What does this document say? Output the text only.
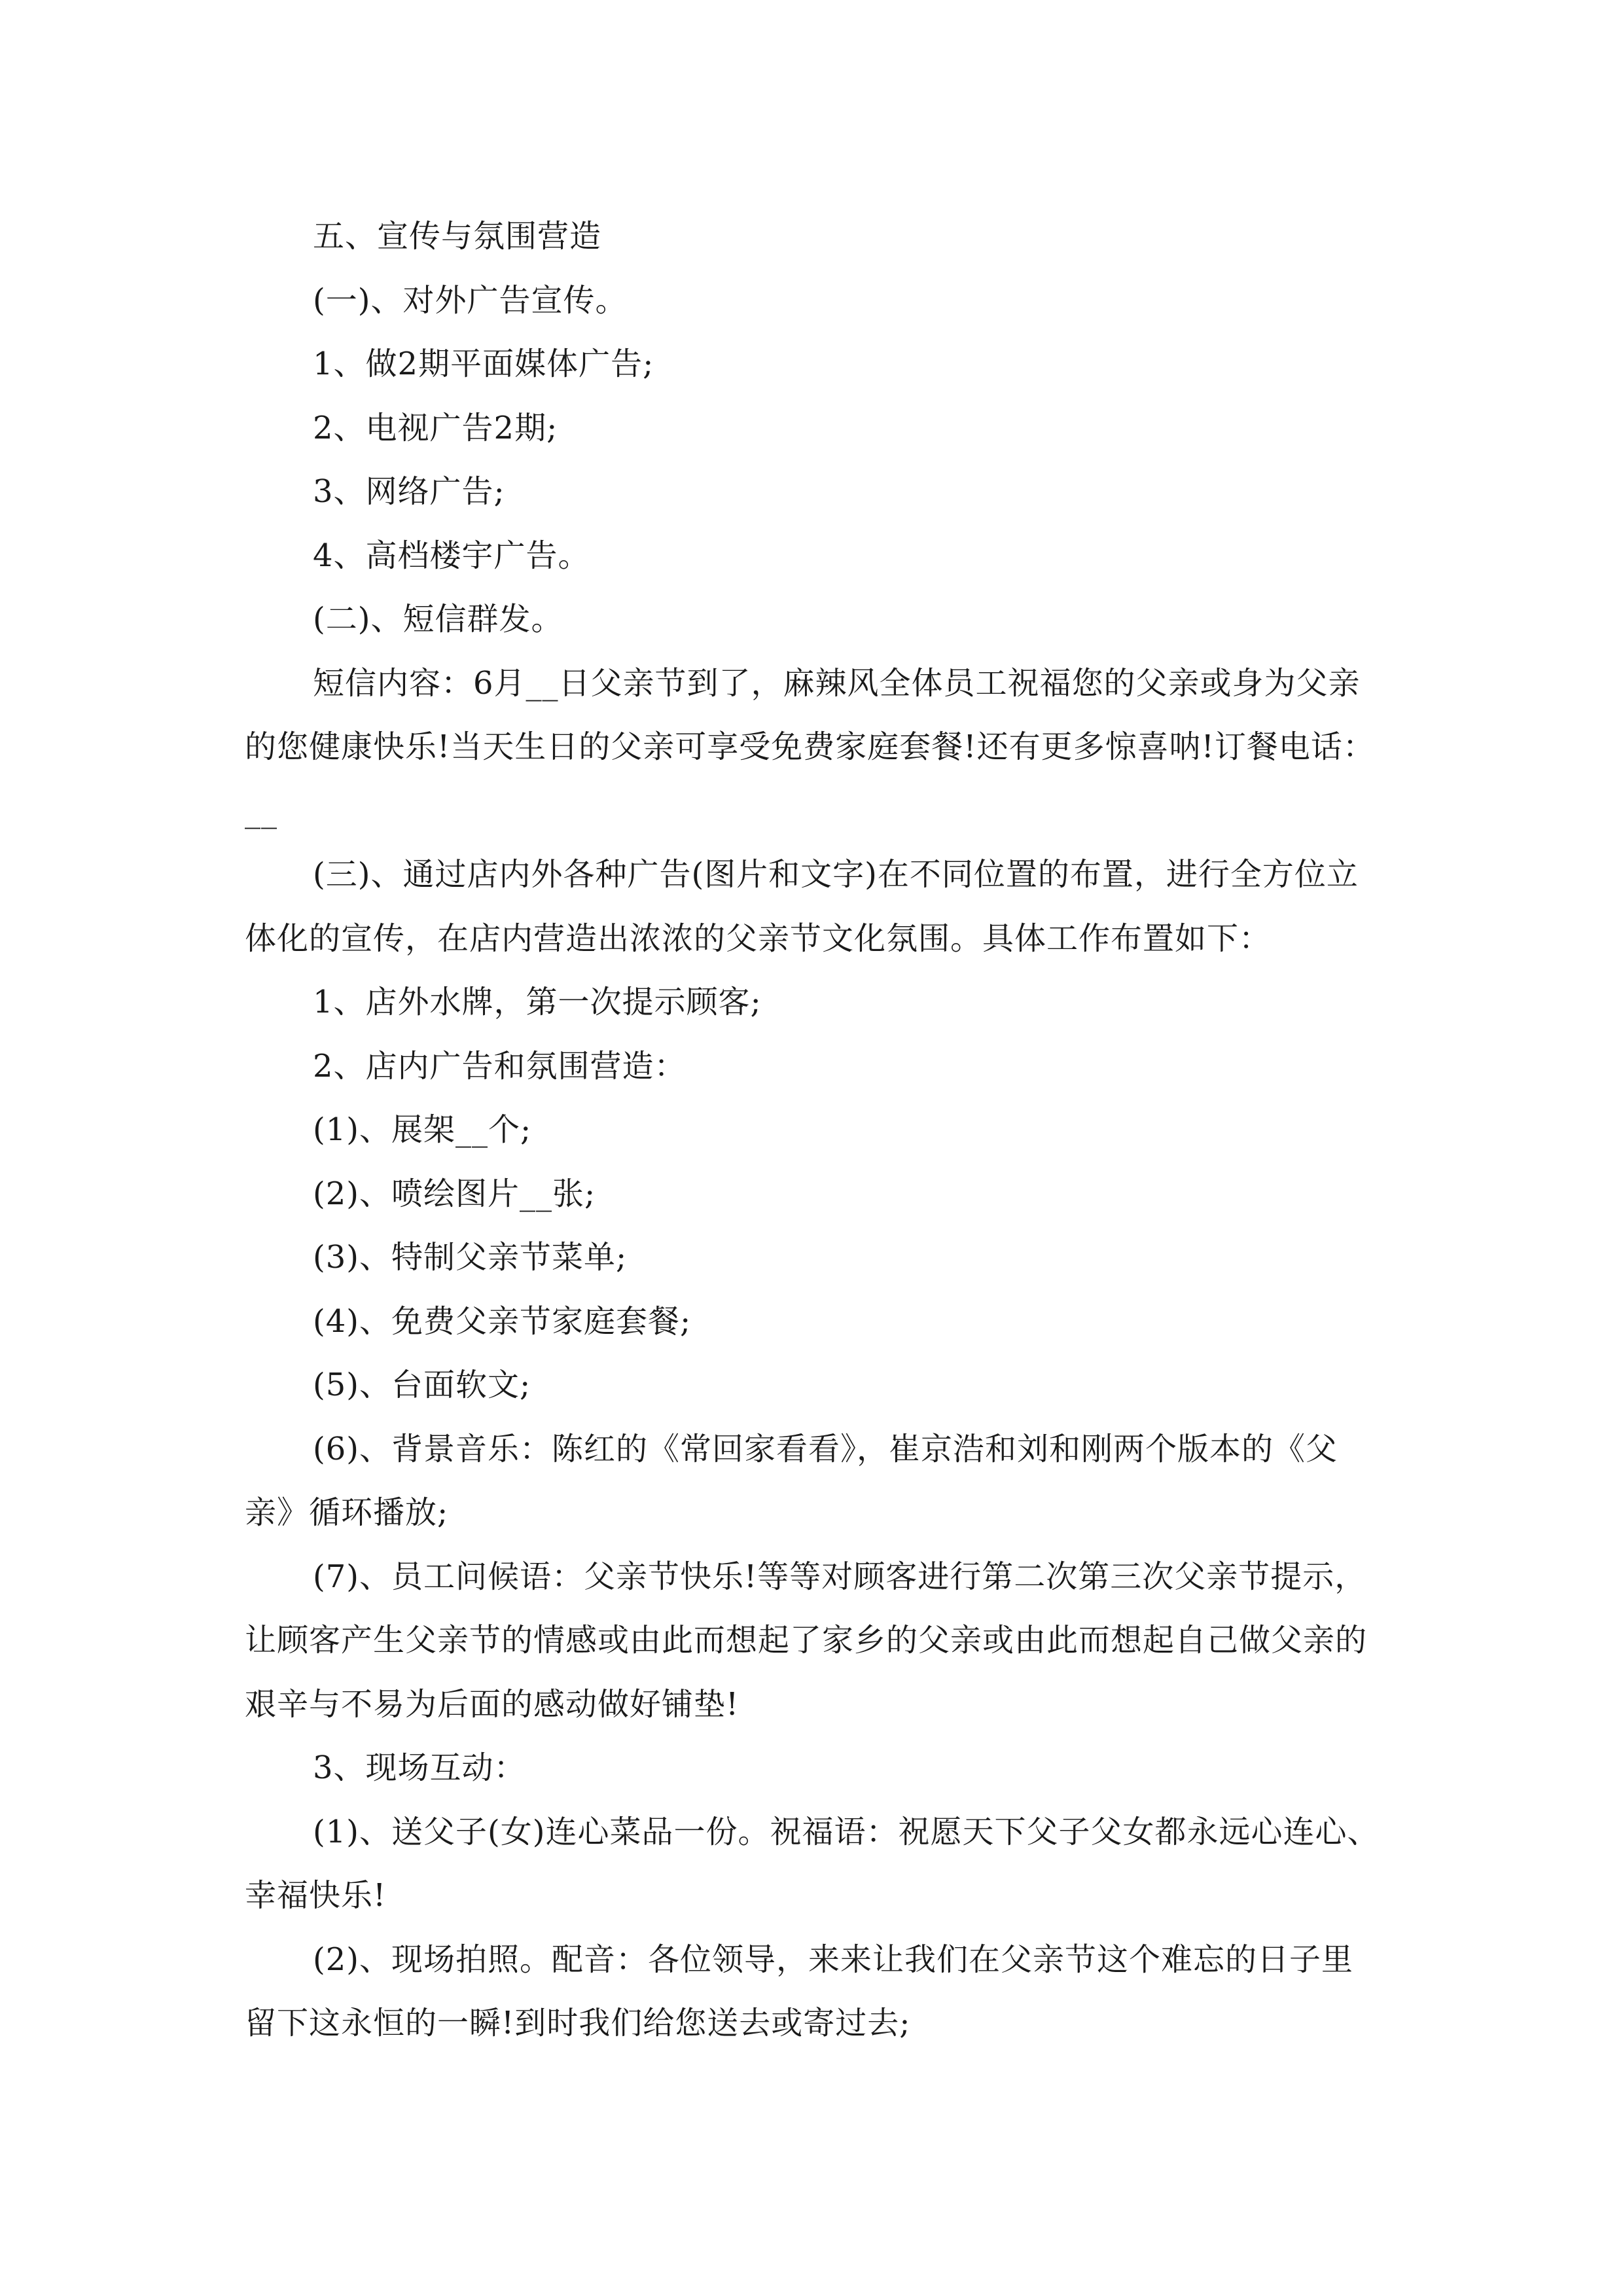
五、宣传与氛围营造

(一)、对外广告宣传。

1、做2期平面媒体广告;

2、电视广告2期;

3、网络广告;

4、高档楼宇广告。

(二)、短信群发。

短信内容：6月__日父亲节到了，麻辣风全体员工祝福您的父亲或身为父亲的您健康快乐!当天生日的父亲可享受免费家庭套餐!还有更多惊喜呐!订餐电话：__

(三)、通过店内外各种广告(图片和文字)在不同位置的布置，进行全方位立体化的宣传，在店内营造出浓浓的父亲节文化氛围。具体工作布置如下：

1、店外水牌，第一次提示顾客;

2、店内广告和氛围营造：

(1)、展架__个;

(2)、喷绘图片__张;

(3)、特制父亲节菜单;

(4)、免费父亲节家庭套餐;

(5)、台面软文;

(6)、背景音乐：陈红的《常回家看看》，崔京浩和刘和刚两个版本的《父亲》循环播放;

(7)、员工问候语：父亲节快乐!等等对顾客进行第二次第三次父亲节提示，让顾客产生父亲节的情感或由此而想起了家乡的父亲或由此而想起自己做父亲的艰辛与不易为后面的感动做好铺垫!

3、现场互动：

(1)、送父子(女)连心菜品一份。祝福语：祝愿天下父子父女都永远心连心、幸福快乐!

(2)、现场拍照。配音：各位领导，来来让我们在父亲节这个难忘的日子里留下这永恒的一瞬!到时我们给您送去或寄过去;
